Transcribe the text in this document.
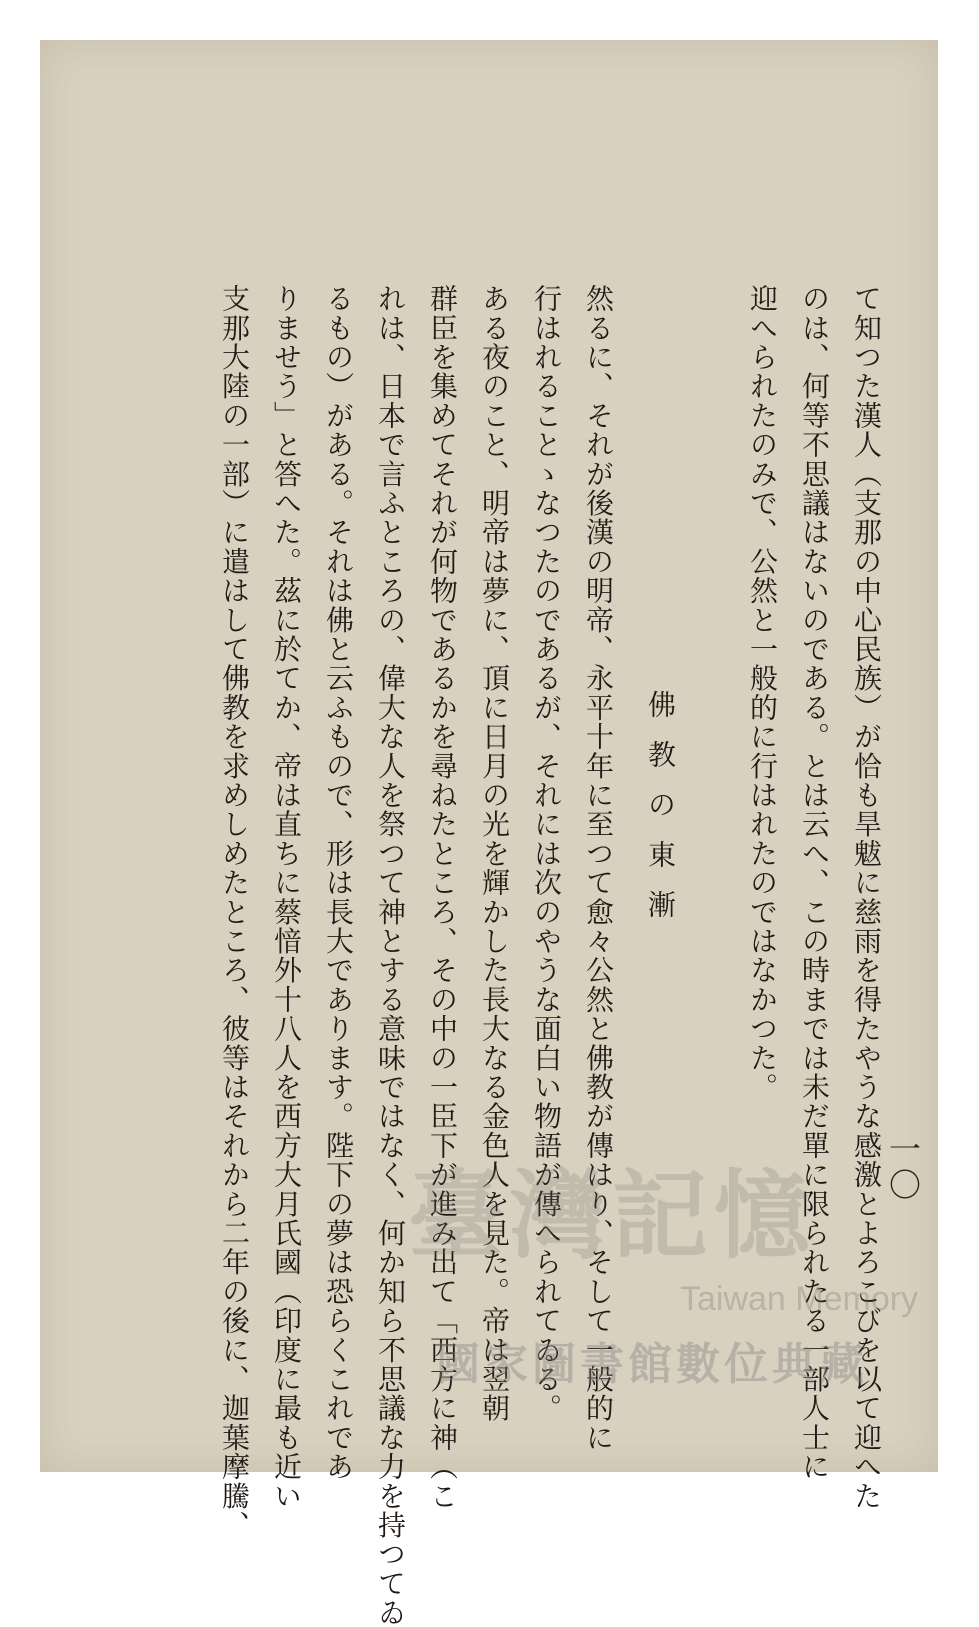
一〇
て知つた漢人（支那の中心民族）が恰も旱魃に慈雨を得たやうな感激とよろこびを以て迎へた
のは、何等不思議はないのである。とは云へ、この時までは未だ單に限られたる一部人士に
迎へられたのみで、公然と一般的に行はれたのではなかつた。
佛教の東漸
然るに、それが後漢の明帝、永平十年に至つて愈々公然と佛教が傳はり、そして一般的に
行はれることゝなつたのであるが、それには次のやうな面白い物語が傳へられてゐる。
ある夜のこと、明帝は夢に、頂に日月の光を輝かした長大なる金色人を見た。帝は翌朝
群臣を集めてそれが何物であるかを尋ねたところ、その中の一臣下が進み出て「西方に神（こ
れは、日本で言ふところの、偉大な人を祭つて神とする意味ではなく、何か知ら不思議な力を持つてゐ
るもの）がある。それは佛と云ふもので、形は長大であります。陛下の夢は恐らくこれであ
りませう」と答へた。茲に於てか、帝は直ちに蔡愔外十八人を西方大月氏國（印度に最も近い
支那大陸の一部）に遣はして佛教を求めしめたところ、彼等はそれから二年の後に、迦葉摩騰、 臺灣記憶
Taiwan Memory
國家圖書館數位典藏
